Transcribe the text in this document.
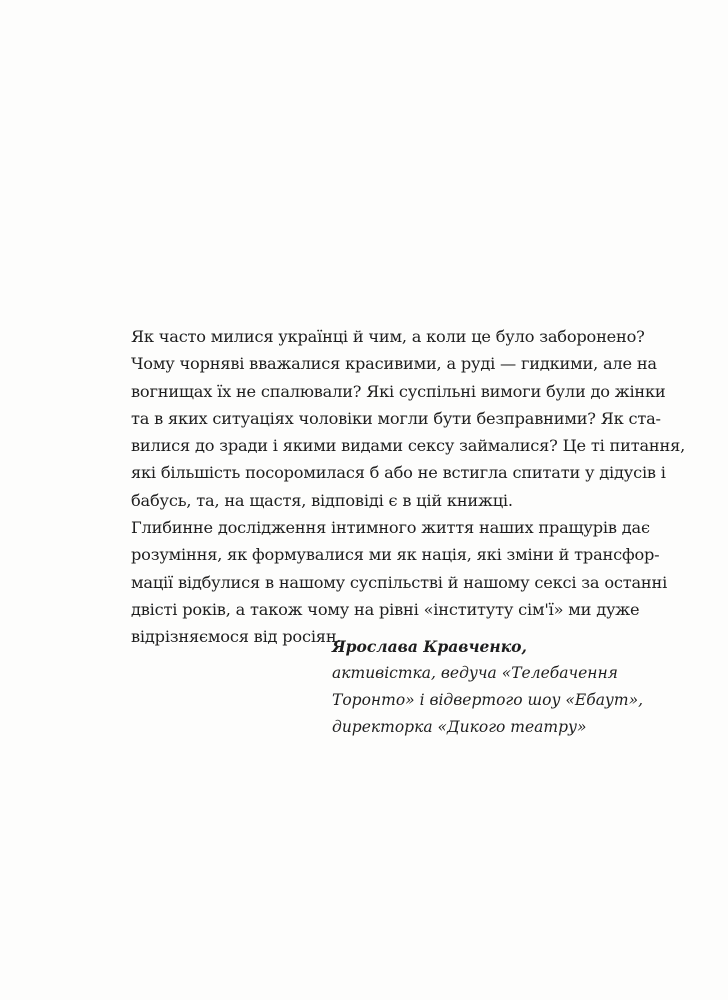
Як часто милися українці й чим, а коли це було заборонено?
Чому чорняві вважалися красивими, а руді — гидкими, але на
вогнищах їх не спалювали? Які суспільні вимоги були до жінки
та в яких ситуаціях чоловіки могли бути безправними? Як ста-
вилися до зради і якими видами сексу займалися? Це ті питання,
які більшість посоромилася б або не встигла спитати у дідусів і
бабусь, та, на щастя, відповіді є в цій книжці.
Глибинне дослідження інтимного життя наших пращурів дає
розуміння, як формувалися ми як нація, які зміни й трансфор-
мації відбулися в нашому суспільстві й нашому сексі за останні
двісті років, а також чому на рівні «інституту сім'ї» ми дуже
відрізняємося від росіян.
Ярослава Кравченко,
активістка, ведуча «Телебачення
Торонто» і відвертого шоу «Ебаут»,
директорка «Дикого театру»
